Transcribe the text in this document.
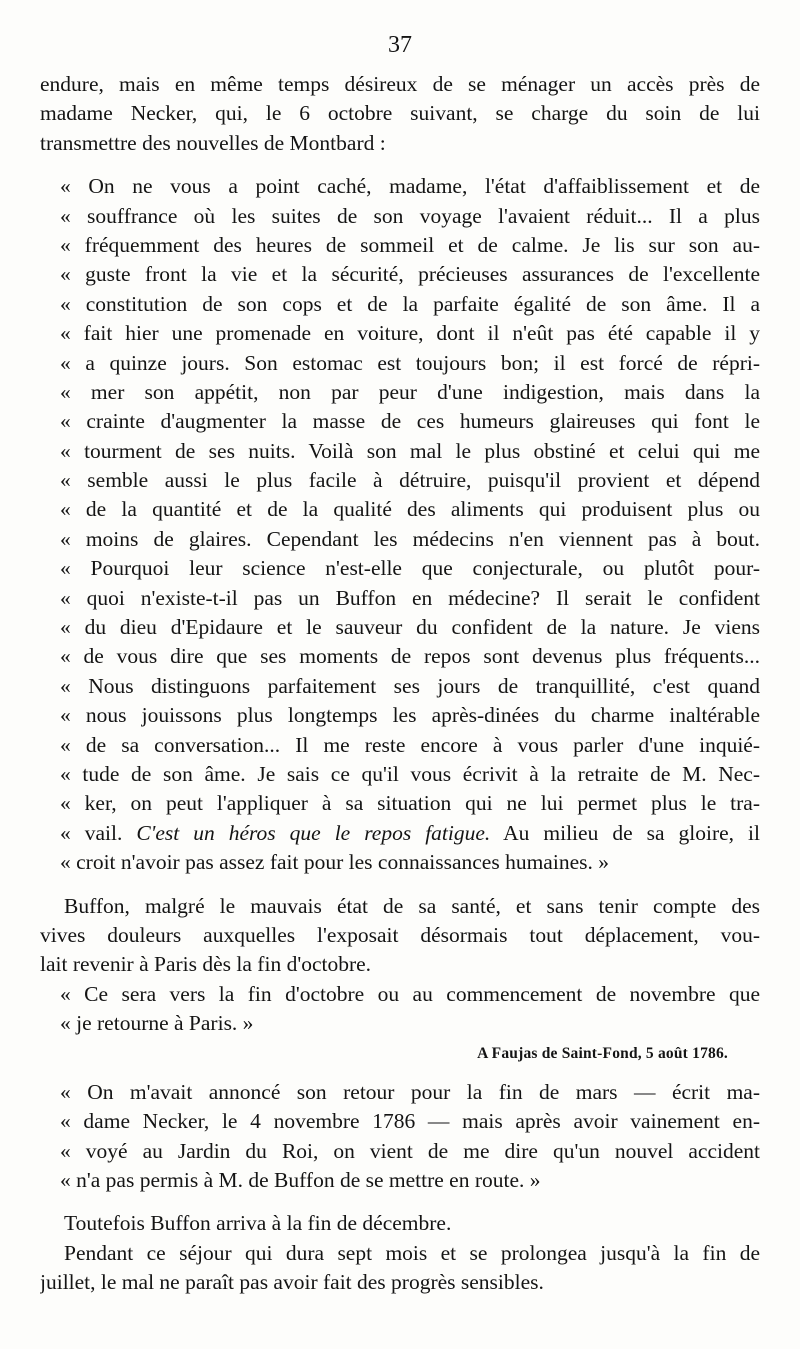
37
endure, mais en même temps désireux de se ménager un accès près de
madame Necker, qui, le 6 octobre suivant, se charge du soin de lui
transmettre des nouvelles de Montbard :
« On ne vous a point caché, madame, l'état d'affaiblissement et de
« souffrance où les suites de son voyage l'avaient réduit... Il a plus
« fréquemment des heures de sommeil et de calme. Je lis sur son au-
« guste front la vie et la sécurité, précieuses assurances de l'excellente
« constitution de son cops et de la parfaite égalité de son âme. Il a
« fait hier une promenade en voiture, dont il n'eût pas été capable il y
« a quinze jours. Son estomac est toujours bon; il est forcé de répri-
« mer son appétit, non par peur d'une indigestion, mais dans la
« crainte d'augmenter la masse de ces humeurs glaireuses qui font le
« tourment de ses nuits. Voilà son mal le plus obstiné et celui qui me
« semble aussi le plus facile à détruire, puisqu'il provient et dépend
« de la quantité et de la qualité des aliments qui produisent plus ou
« moins de glaires. Cependant les médecins n'en viennent pas à bout.
« Pourquoi leur science n'est-elle que conjecturale, ou plutôt pour-
« quoi n'existe-t-il pas un Buffon en médecine? Il serait le confident
« du dieu d'Epidaure et le sauveur du confident de la nature. Je viens
« de vous dire que ses moments de repos sont devenus plus fréquents...
« Nous distinguons parfaitement ses jours de tranquillité, c'est quand
« nous jouissons plus longtemps les après-dinées du charme inaltérable
« de sa conversation... Il me reste encore à vous parler d'une inquié-
« tude de son âme. Je sais ce qu'il vous écrivit à la retraite de M. Nec-
« ker, on peut l'appliquer à sa situation qui ne lui permet plus le tra-
« vail. C'est un héros que le repos fatigue. Au milieu de sa gloire, il
« croit n'avoir pas assez fait pour les connaissances humaines. »
Buffon, malgré le mauvais état de sa santé, et sans tenir compte des
vives douleurs auxquelles l'exposait désormais tout déplacement, vou-
lait revenir à Paris dès la fin d'octobre.
« Ce sera vers la fin d'octobre ou au commencement de novembre que
« je retourne à Paris. »
A Faujas de Saint-Fond, 5 août 1786.
« On m'avait annoncé son retour pour la fin de mars — écrit ma-
« dame Necker, le 4 novembre 1786 — mais après avoir vainement en-
« voyé au Jardin du Roi, on vient de me dire qu'un nouvel accident
« n'a pas permis à M. de Buffon de se mettre en route. »
Toutefois Buffon arriva à la fin de décembre.
Pendant ce séjour qui dura sept mois et se prolongea jusqu'à la fin de
juillet, le mal ne paraît pas avoir fait des progrès sensibles.
